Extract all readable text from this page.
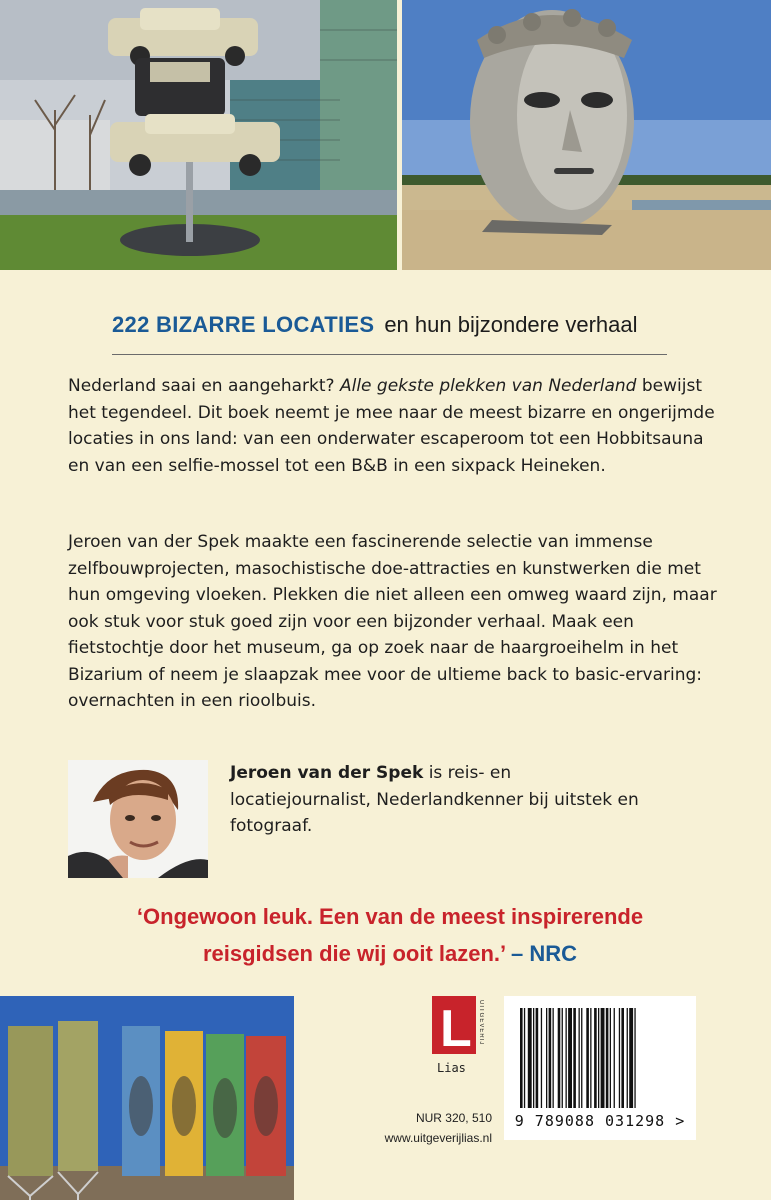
222 BIZARRE LOCATIES en hun bijzondere verhaal

Nederland saai en aangeharkt? Alle gekste plekken van Nederland bewijst het tegendeel. Dit boek neemt je mee naar de meest bizarre en ongerijmde locaties in ons land: van een onderwater escaperoom tot een Hobbitsauna en van een selfie-mossel tot een B&B in een sixpack Heineken.

Jeroen van der Spek maakte een fascinerende selectie van immense zelfbouwprojecten, masochistische doe-attracties en kunstwerken die met hun omgeving vloeken. Plekken die niet alleen een omweg waard zijn, maar ook stuk voor stuk goed zijn voor een bijzonder verhaal. Maak een fietstochtje door het museum, ga op zoek naar de haargroeihelm in het Bizarium of neem je slaapzak mee voor de ultieme back to basic-ervaring: overnachten in een rioolbuis.

Jeroen van der Spek is reis- en locatiejournalist, Nederlandkenner bij uitstek en fotograaf.
‘Ongewoon leuk. Een van de meest inspirerende
reisgidsen die wij ooit lazen.’ – NRC
L
Lias
UITGEVERIJ
9 789088 031298 >
NUR 320, 510
www.uitgeverijlias.nl
